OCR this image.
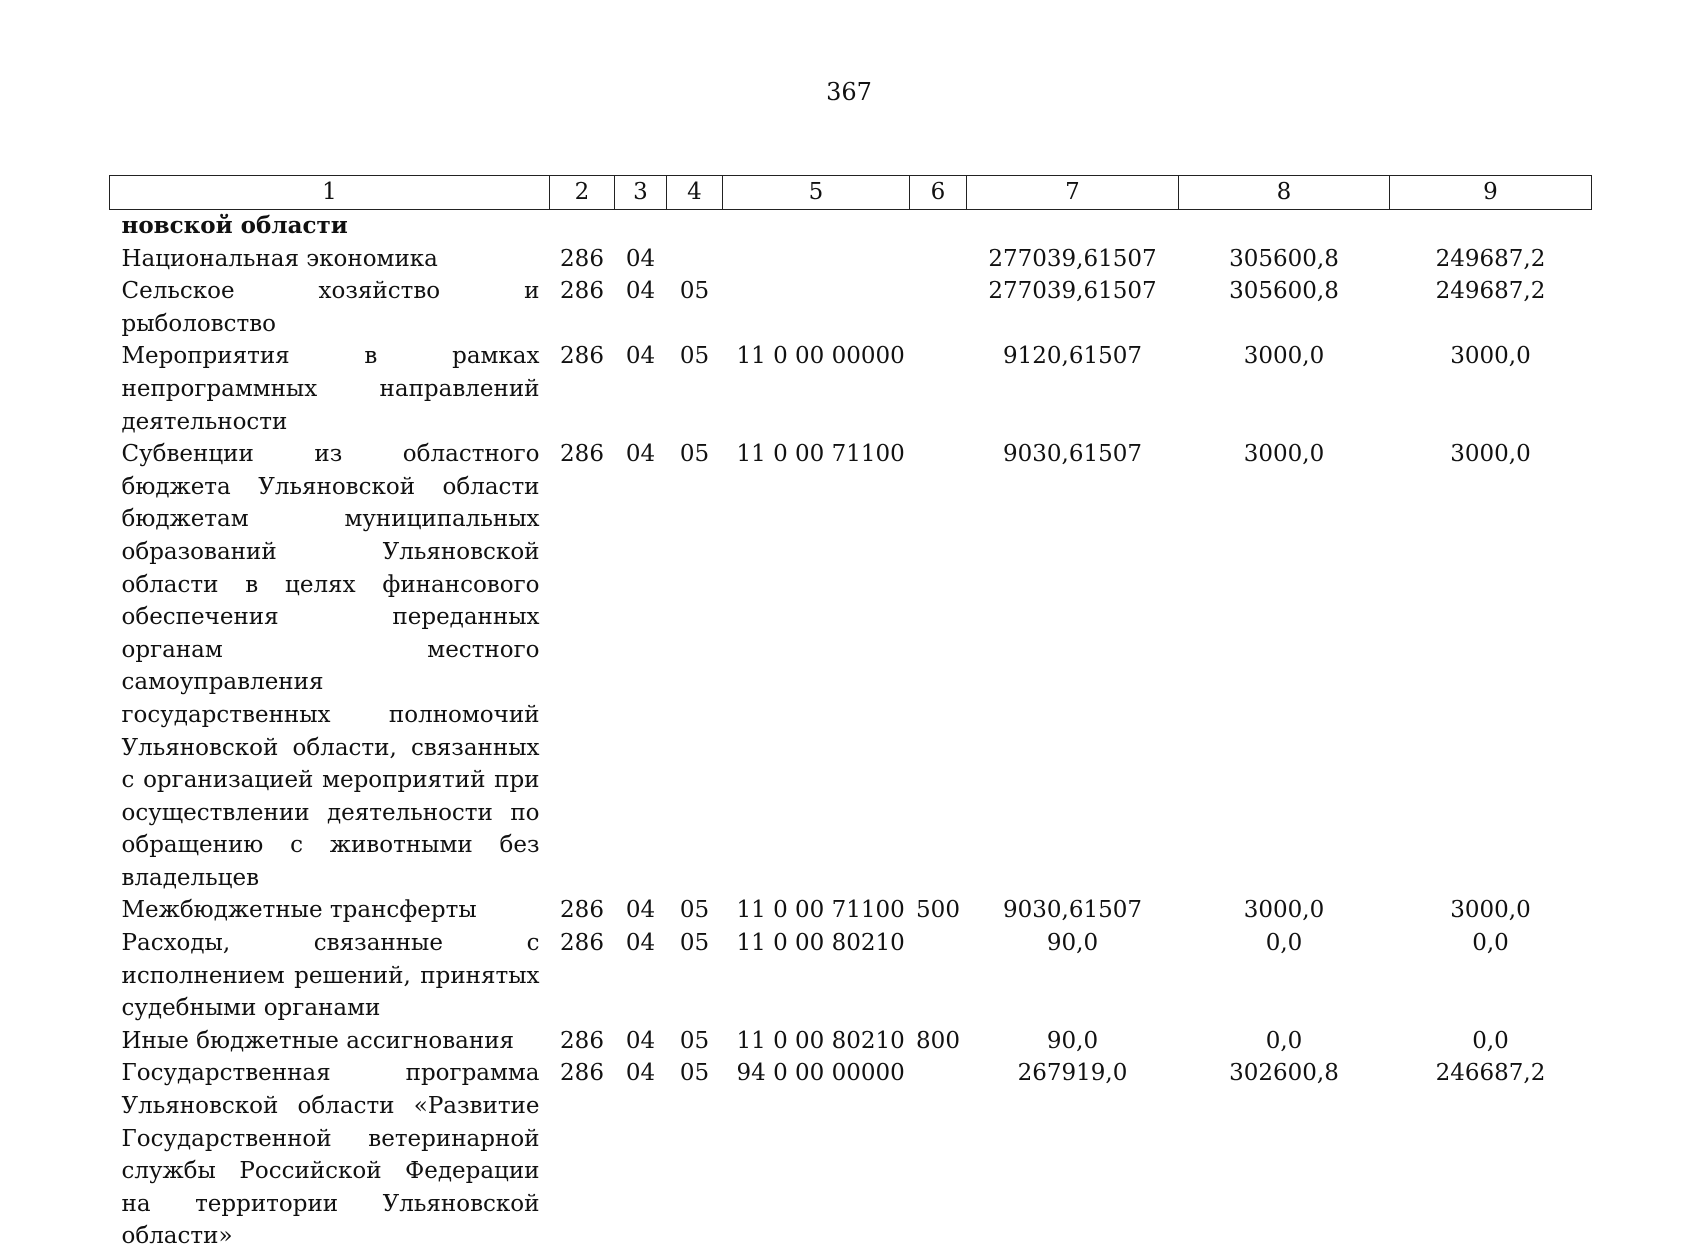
367
1	2	3	4	5	6	7	8	9
новской области								
Национальная экономика	286	04				277039,61507	305600,8	249687,2
Сельское хозяйство и рыболовство	286	04	05			277039,61507	305600,8	249687,2
Мероприятия в рамках непрограммных направлений деятельности	286	04	05	11 0 00 00000		9120,61507	3000,0	3000,0
Субвенции из областного бюджета Ульяновской области бюджетам муниципальных образований Ульяновской области в целях финансового обеспечения переданных органам местного самоуправления государственных полномочий Ульяновской области, связанных с организацией мероприятий при осуществлении деятельности по обращению с животными без владельцев	286	04	05	11 0 00 71100		9030,61507	3000,0	3000,0
Межбюджетные трансферты	286	04	05	11 0 00 71100	500	9030,61507	3000,0	3000,0
Расходы, связанные с исполнением решений, принятых судебными органами	286	04	05	11 0 00 80210		90,0	0,0	0,0
Иные бюджетные ассигнования	286	04	05	11 0 00 80210	800	90,0	0,0	0,0
Государственная программа Ульяновской области «Развитие Государственной ветеринарной службы Российской Федерации на территории Ульяновской области»	286	04	05	94 0 00 00000		267919,0	302600,8	246687,2
